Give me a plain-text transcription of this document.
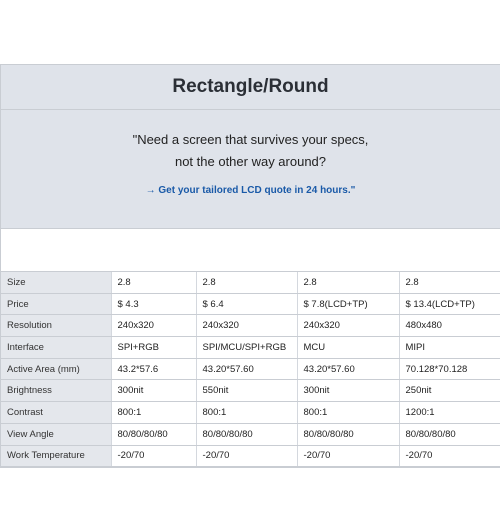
Rectangle/Round
"Need a screen that survives your specs,
not the other way around?
→ Get your tailored LCD quote in 24 hours."
Size	2.8	2.8	2.8	2.8
Price	$ 4.3	$ 6.4	$ 7.8(LCD+TP)	$ 13.4(LCD+TP)
Resolution	240x320	240x320	240x320	480x480
Interface	SPI+RGB	SPI/MCU/SPI+RGB	MCU	MIPI
Active Area (mm)	43.2*57.6	43.20*57.60	43.20*57.60	70.128*70.128
Brightness	300nit	550nit	300nit	250nit
Contrast	800:1	800:1	800:1	1200:1
View Angle	80/80/80/80	80/80/80/80	80/80/80/80	80/80/80/80
Work Temperature	-20/70	-20/70	-20/70	-20/70
